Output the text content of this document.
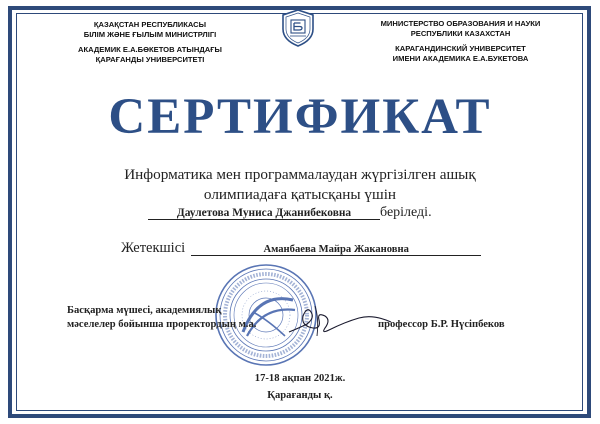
ҚАЗАҚСТАН РЕСПУБЛИКАСЫ
БІЛІМ ЖӘНЕ ҒЫЛЫМ МИНИСТРЛІГІ
АКАДЕМИК Е.А.БӨКЕТОВ АТЫНДАҒЫ
ҚАРАҒАНДЫ УНИВЕРСИТЕТІ
МИНИСТЕРСТВО ОБРАЗОВАНИЯ И НАУКИ
РЕСПУБЛИКИ КАЗАХСТАН
КАРАГАНДИНСКИЙ УНИВЕРСИТЕТ
ИМЕНИ АКАДЕМИКА Е.А.БУКЕТОВА
СЕРТИФИКАТ
Информатика мен программалаудан жүргізілген ашық
олимпиадаға қатысқаны үшін
Даулетова Муниса Джанибековна беріледі.
Жетекшісі	Аманбаева Майра Жакановна
Басқарма мүшесі, академиялық
мәселелер бойынша проректордың м.а.	профессор Б.Р. Нүсіпбеков
17-18 ақпан 2021ж.
Қарағанды қ.
